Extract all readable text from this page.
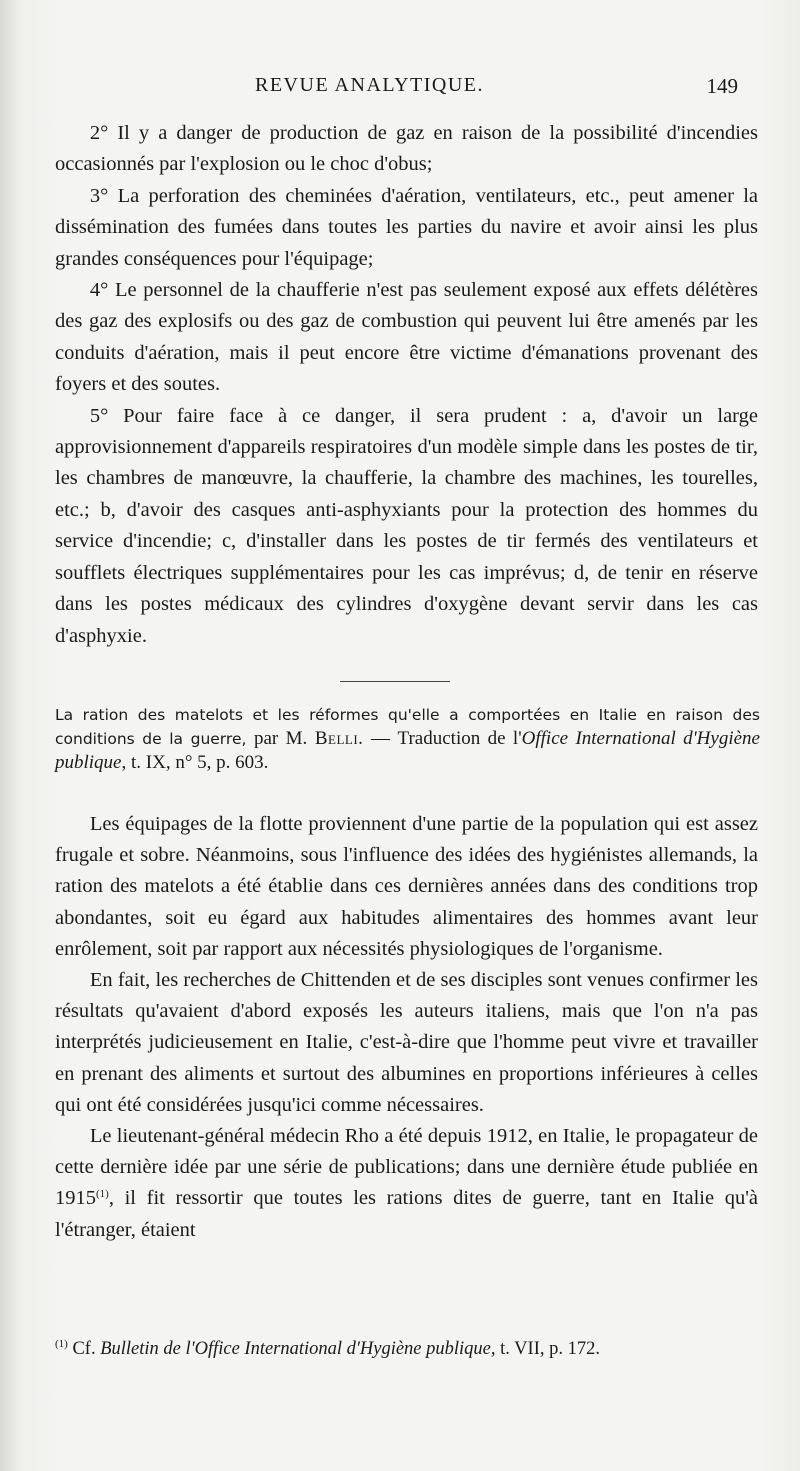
REVUE ANALYTIQUE.	149

2° Il y a danger de production de gaz en raison de la possibilité d'incendies occasionnés par l'explosion ou le choc d'obus;

3° La perforation des cheminées d'aération, ventilateurs, etc., peut amener la dissémination des fumées dans toutes les parties du navire et avoir ainsi les plus grandes conséquences pour l'équipage;

4° Le personnel de la chaufferie n'est pas seulement exposé aux effets délétères des gaz des explosifs ou des gaz de combustion qui peuvent lui être amenés par les conduits d'aération, mais il peut encore être victime d'émanations provenant des foyers et des soutes.

5° Pour faire face à ce danger, il sera prudent : a, d'avoir un large approvisionnement d'appareils respiratoires d'un modèle simple dans les postes de tir, les chambres de manœuvre, la chaufferie, la chambre des machines, les tourelles, etc.; b, d'avoir des casques anti-asphyxiants pour la protection des hommes du service d'incendie; c, d'installer dans les postes de tir fermés des ventilateurs et soufflets électriques supplémentaires pour les cas imprévus; d, de tenir en réserve dans les postes médicaux des cylindres d'oxygène devant servir dans les cas d'asphyxie.

La ration des matelots et les réformes qu'elle a comportées en Italie en raison des conditions de la guerre, par M. Belli. — Traduction de l'Office International d'Hygiène publique, t. IX, n° 5, p. 603.

Les équipages de la flotte proviennent d'une partie de la population qui est assez frugale et sobre. Néanmoins, sous l'influence des idées des hygiénistes allemands, la ration des matelots a été établie dans ces dernières années dans des conditions trop abondantes, soit eu égard aux habitudes alimentaires des hommes avant leur enrôlement, soit par rapport aux nécessités physiologiques de l'organisme.

En fait, les recherches de Chittenden et de ses disciples sont venues confirmer les résultats qu'avaient d'abord exposés les auteurs italiens, mais que l'on n'a pas interprétés judicieusement en Italie, c'est-à-dire que l'homme peut vivre et travailler en prenant des aliments et surtout des albumines en proportions inférieures à celles qui ont été considérées jusqu'ici comme nécessaires.

Le lieutenant-général médecin Rho a été depuis 1912, en Italie, le propagateur de cette dernière idée par une série de publications; dans une dernière étude publiée en 1915$^{(1)}$, il fit ressortir que toutes les rations dites de guerre, tant en Italie qu'à l'étranger, étaient

$^{(1)}$ Cf. Bulletin de l'Office International d'Hygiène publique, t. VII, p. 172.
